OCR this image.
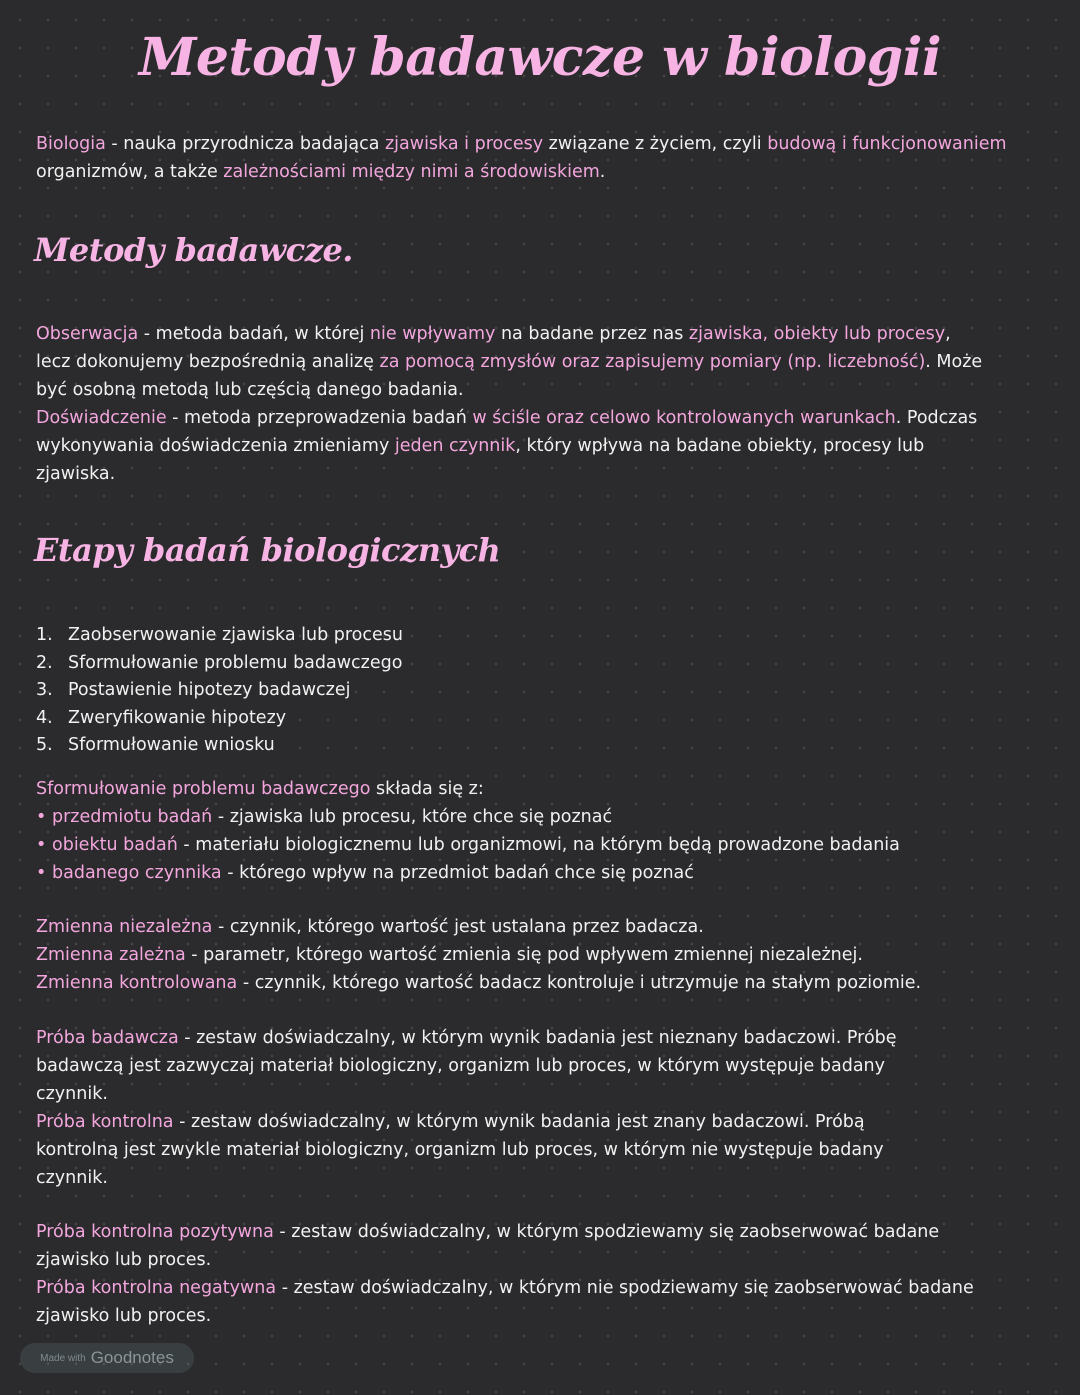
Metody badawcze w biologii

Biologia - nauka przyrodnicza badająca zjawiska i procesy związane z życiem, czyli budową i funkcjonowaniem organizmów, a także zależnościami między nimi a środowiskiem.

Metody badawcze.

Obserwacja - metoda badań, w której nie wpływamy na badane przez nas zjawiska, obiekty lub procesy, lecz dokonujemy bezpośrednią analizę za pomocą zmysłów oraz zapisujemy pomiary (np. liczebność). Może być osobną metodą lub częścią danego badania.
Doświadczenie - metoda przeprowadzenia badań w ściśle oraz celowo kontrolowanych warunkach. Podczas wykonywania doświadczenia zmieniamy jeden czynnik, który wpływa na badane obiekty, procesy lub zjawiska.

Etapy badań biologicznych
1. Zaobserwowanie zjawiska lub procesu
2. Sformułowanie problemu badawczego
3. Postawienie hipotezy badawczej
4. Zweryfikowanie hipotezy
5. Sformułowanie wniosku
Sformułowanie problemu badawczego składa się z:
• przedmiotu badań - zjawiska lub procesu, które chce się poznać
• obiektu badań - materiału biologicznemu lub organizmowi, na którym będą prowadzone badania
• badanego czynnika - którego wpływ na przedmiot badań chce się poznać
Zmienna niezależna - czynnik, którego wartość jest ustalana przez badacza.
Zmienna zależna - parametr, którego wartość zmienia się pod wpływem zmiennej niezależnej.
Zmienna kontrolowana - czynnik, którego wartość badacz kontroluje i utrzymuje na stałym poziomie.
Próba badawcza - zestaw doświadczalny, w którym wynik badania jest nieznany badaczowi. Próbę badawczą jest zazwyczaj materiał biologiczny, organizm lub proces, w którym występuje badany czynnik.
Próba kontrolna - zestaw doświadczalny, w którym wynik badania jest znany badaczowi. Próbą kontrolną jest zwykle materiał biologiczny, organizm lub proces, w którym nie występuje badany czynnik.
Próba kontrolna pozytywna - zestaw doświadczalny, w którym spodziewamy się zaobserwować badane zjawisko lub proces.
Próba kontrolna negatywna - zestaw doświadczalny, w którym nie spodziewamy się zaobserwować badane zjawisko lub proces.
Made with Goodnotes
